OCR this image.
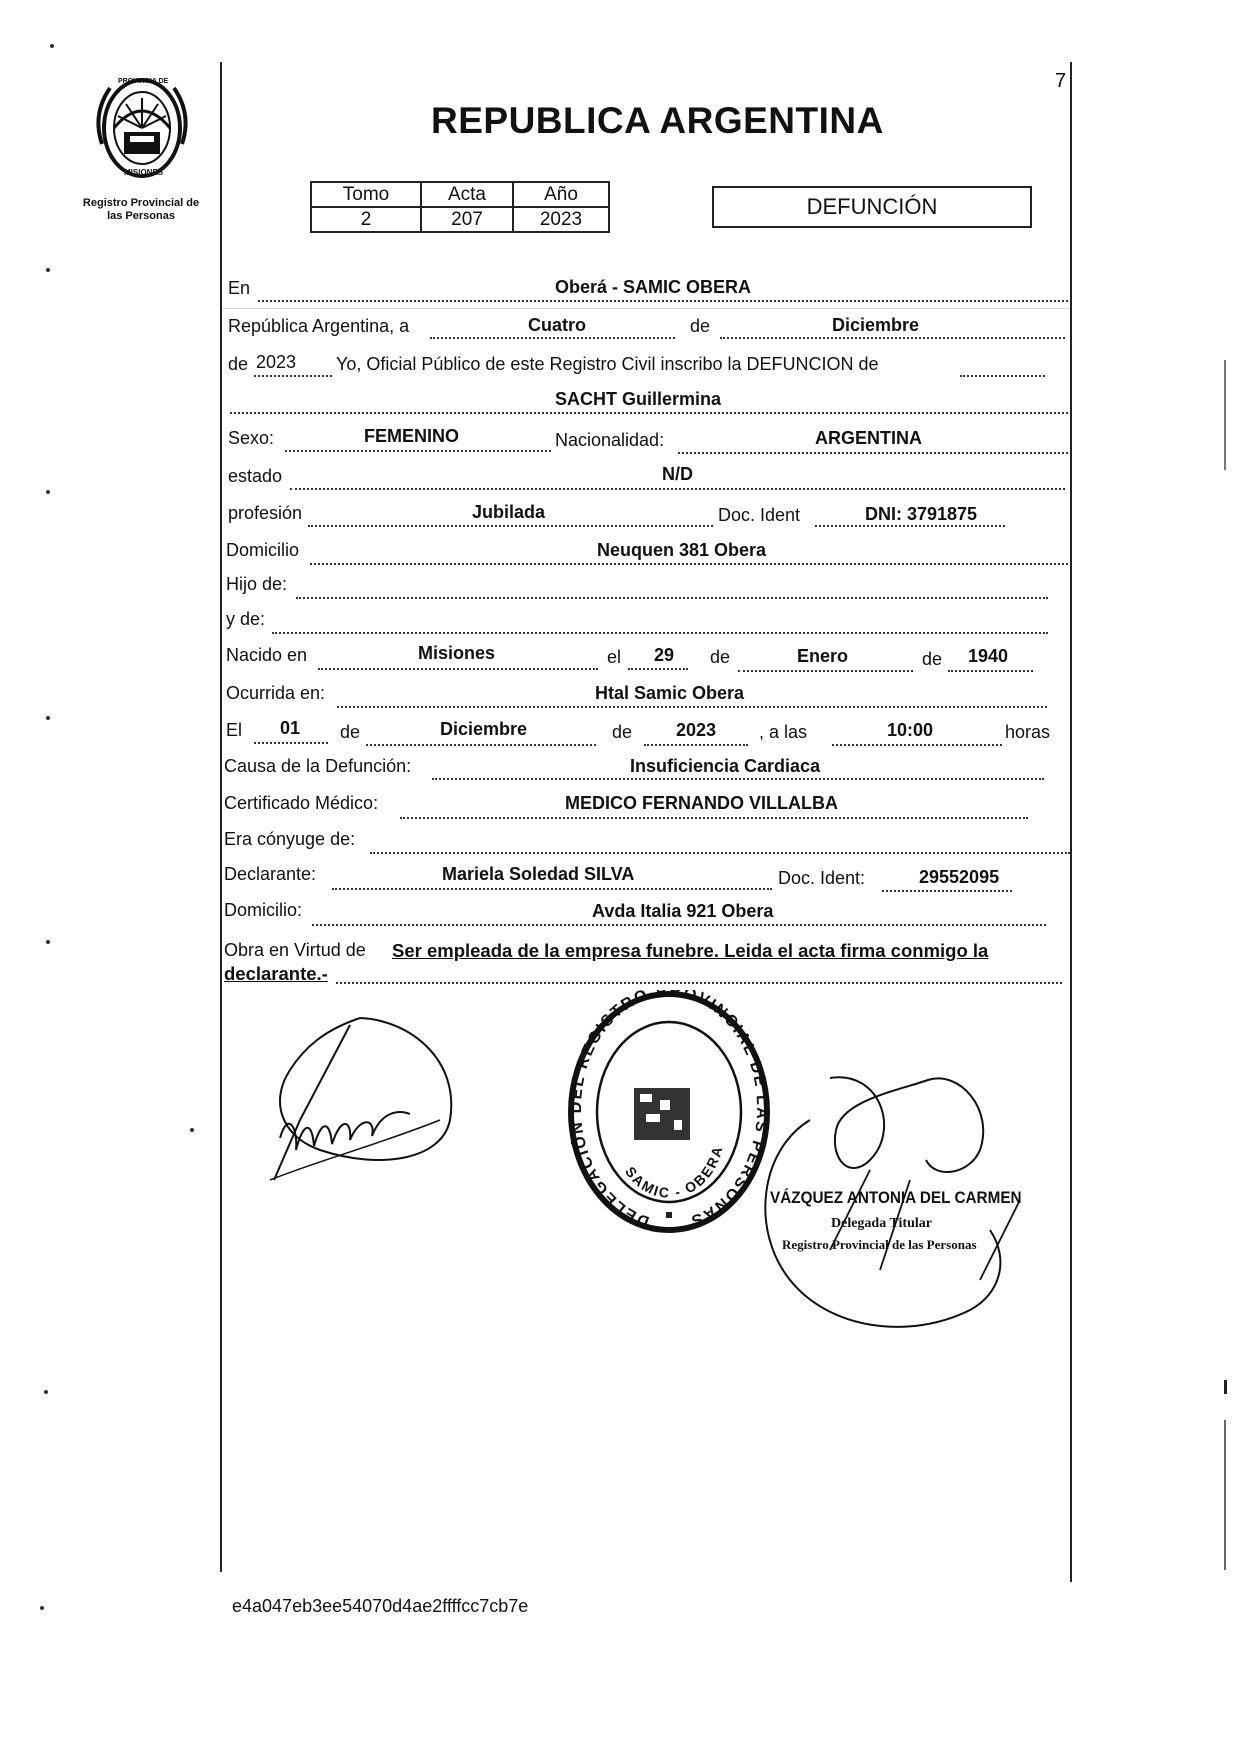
PROVINCIA DE
MISIONES
Registro Provincial de
las Personas
7
REPUBLICA ARGENTINA
Tomo	Acta	Año
2	207	2023	DEFUNCIÓN
En	Oberá - SAMIC OBERA
República Argentina, a	Cuatro	de	Diciembre
de 2023 Yo, Oficial Público de este Registro Civil inscribo la DEFUNCION de
SACHT Guillermina
Sexo:	FEMENINO	Nacionalidad:	ARGENTINA
estado	N/D
profesión	Jubilada	Doc. Ident	DNI: 3791875
Domicilio	Neuquen 381 Obera
Hijo de:
y de:
Nacido en	Misiones	el 29 de	Enero	de 1940
Ocurrida en:	Htal Samic Obera
El 01 de	Diciembre	de 2023 , a las	10:00	horas
Causa de la Defunción:	Insuficiencia Cardiaca
Certificado Médico:	MEDICO FERNANDO VILLALBA
Era cónyuge de:
Declarante:	Mariela Soledad SILVA	Doc. Ident:	29552095
Domicilio:	Avda Italia 921 Obera
Obra en Virtud de Ser empleada de la empresa funebre. Leida el acta firma conmigo la
declarante.-
DELEGACIÓN DEL REGISTRO PROVINCIAL DE LAS PERSONAS
SAMIC - OBERA
VÁZQUEZ ANTONIA DEL CARMEN
Delegada Titular
Registro Provincial de las Personas
e4a047eb3ee54070d4ae2ffffcc7cb7e
